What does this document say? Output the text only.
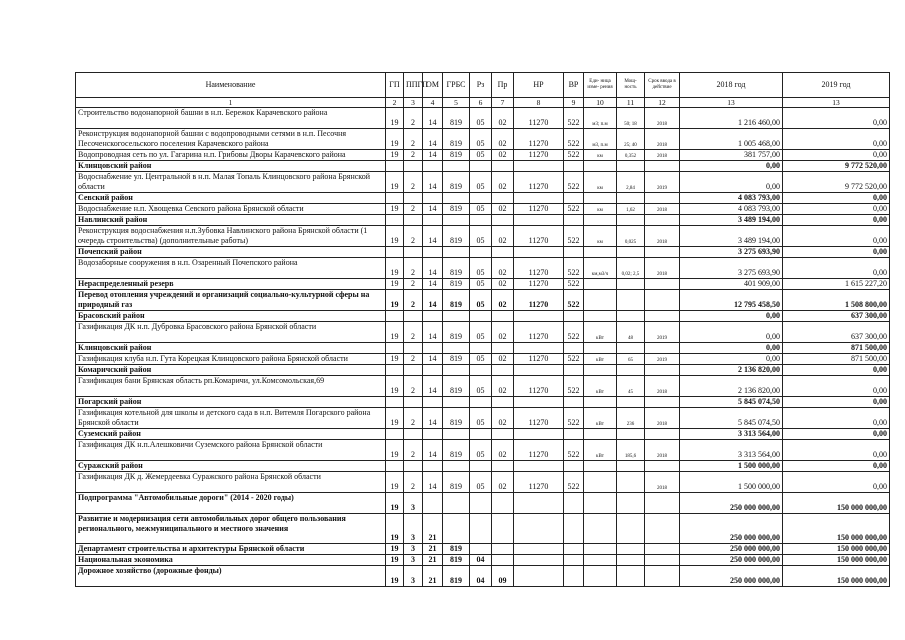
Наименование	ГП	ППГП	ОМ	ГРБС	Рз	Пр	НР	ВР	Еди- ница изме- рения	Мощ- ность	Срок ввода в действие	2018 год	2019 год
1	2	3	4	5	6	7	8	9	10	11	12	13	13
Строительство водонапорной башни в н.п. Бережок Карачевского района	19	2	14	819	05	02	11270	522	м3; п.м	50; 18	2018	1 216 460,00	0,00
Реконструкция водонапорной башни с водопроводными сетями в н.п. Песочня Песоченскогосельского поселения Карачевского района	19	2	14	819	05	02	11270	522	м3, п.м	25; 40	2018	1 005 468,00	0,00
Водопроводная сеть по ул. Гагарина н.п. Грибовы Дворы Карачевского района	19	2	14	819	05	02	11270	522	км	0,352	2018	381 757,00	0,00
Клинцовский район												0,00	9 772 520,00
Водоснабжение ул. Центральной в н.п. Малая Топаль Клинцовского района Брянской области	19	2	14	819	05	02	11270	522	км	2,84	2019	0,00	9 772 520,00
Севский район												4 083 793,00	0,00
Водоснабжение н.п. Хвощевка Севского района Брянской области	19	2	14	819	05	02	11270	522	км	1,62	2018	4 083 793,00	0,00
Навлинский район												3 489 194,00	0,00
Реконструкция водоснабжения н.п.Зубовка Навлинского района Брянской области (1 очередь строительства) (дополнительные работы)	19	2	14	819	05	02	11270	522	км	0,025	2018	3 489 194,00	0,00
Почепский район												3 275 693,90	0,00
Водозаборные сооружения в н.п. Озаренный Почепского района	19	2	14	819	05	02	11270	522	км,м3/ч	0,02; 2,5	2018	3 275 693,90	0,00
Нераспределенный резерв	19	2	14	819	05	02	11270	522				401 909,00	1 615 227,20
Перевод отопления учреждений и организаций социально-культурной сферы на природный газ	19	2	14	819	05	02	11270	522				12 795 458,50	1 508 800,00
Брасовский район												0,00	637 300,00
Газификация ДК н.п. Дубровка Брасовского района Брянской области	19	2	14	819	05	02	11270	522	кВт	48	2019	0,00	637 300,00
Клинцовский район												0,00	871 500,00
Газификация клуба н.п. Гута Корецкая Клинцовского района Брянской области	19	2	14	819	05	02	11270	522	кВт	65	2019	0,00	871 500,00
Комаричский район												2 136 820,00	0,00
Газификация бани Брянская область рп.Комаричи, ул.Комсомольская,69	19	2	14	819	05	02	11270	522	кВт	45	2018	2 136 820,00	0,00
Погарский район												5 845 074,50	0,00
Газификация котельной для школы и детского сада в н.п. Витемля Погарского района Брянской области	19	2	14	819	05	02	11270	522	кВт	236	2018	5 845 074,50	0,00
Суземский район												3 313 564,00	0,00
Газификация ДК н.п.Алешковичи Суземского района Брянской области	19	2	14	819	05	02	11270	522	кВт	185,6	2018	3 313 564,00	0,00
Суражский район												1 500 000,00	0,00
Газификация ДК д. Жемердеевка Суражского района Брянской области	19	2	14	819	05	02	11270	522			2018	1 500 000,00	0,00
Подпрограмма "Автомобильные дороги" (2014 - 2020 годы)	19	3										250 000 000,00	150 000 000,00
Развитие и модернизация сети автомобильных дорог общего пользования регионального, межмуниципального и местного значения	19	3	21									250 000 000,00	150 000 000,00
Департамент строительства и архитектуры Брянской области	19	3	21	819								250 000 000,00	150 000 000,00
Национальная экономика	19	3	21	819	04							250 000 000,00	150 000 000,00
Дорожное хозяйство (дорожные фонды)	19	3	21	819	04	09						250 000 000,00	150 000 000,00
